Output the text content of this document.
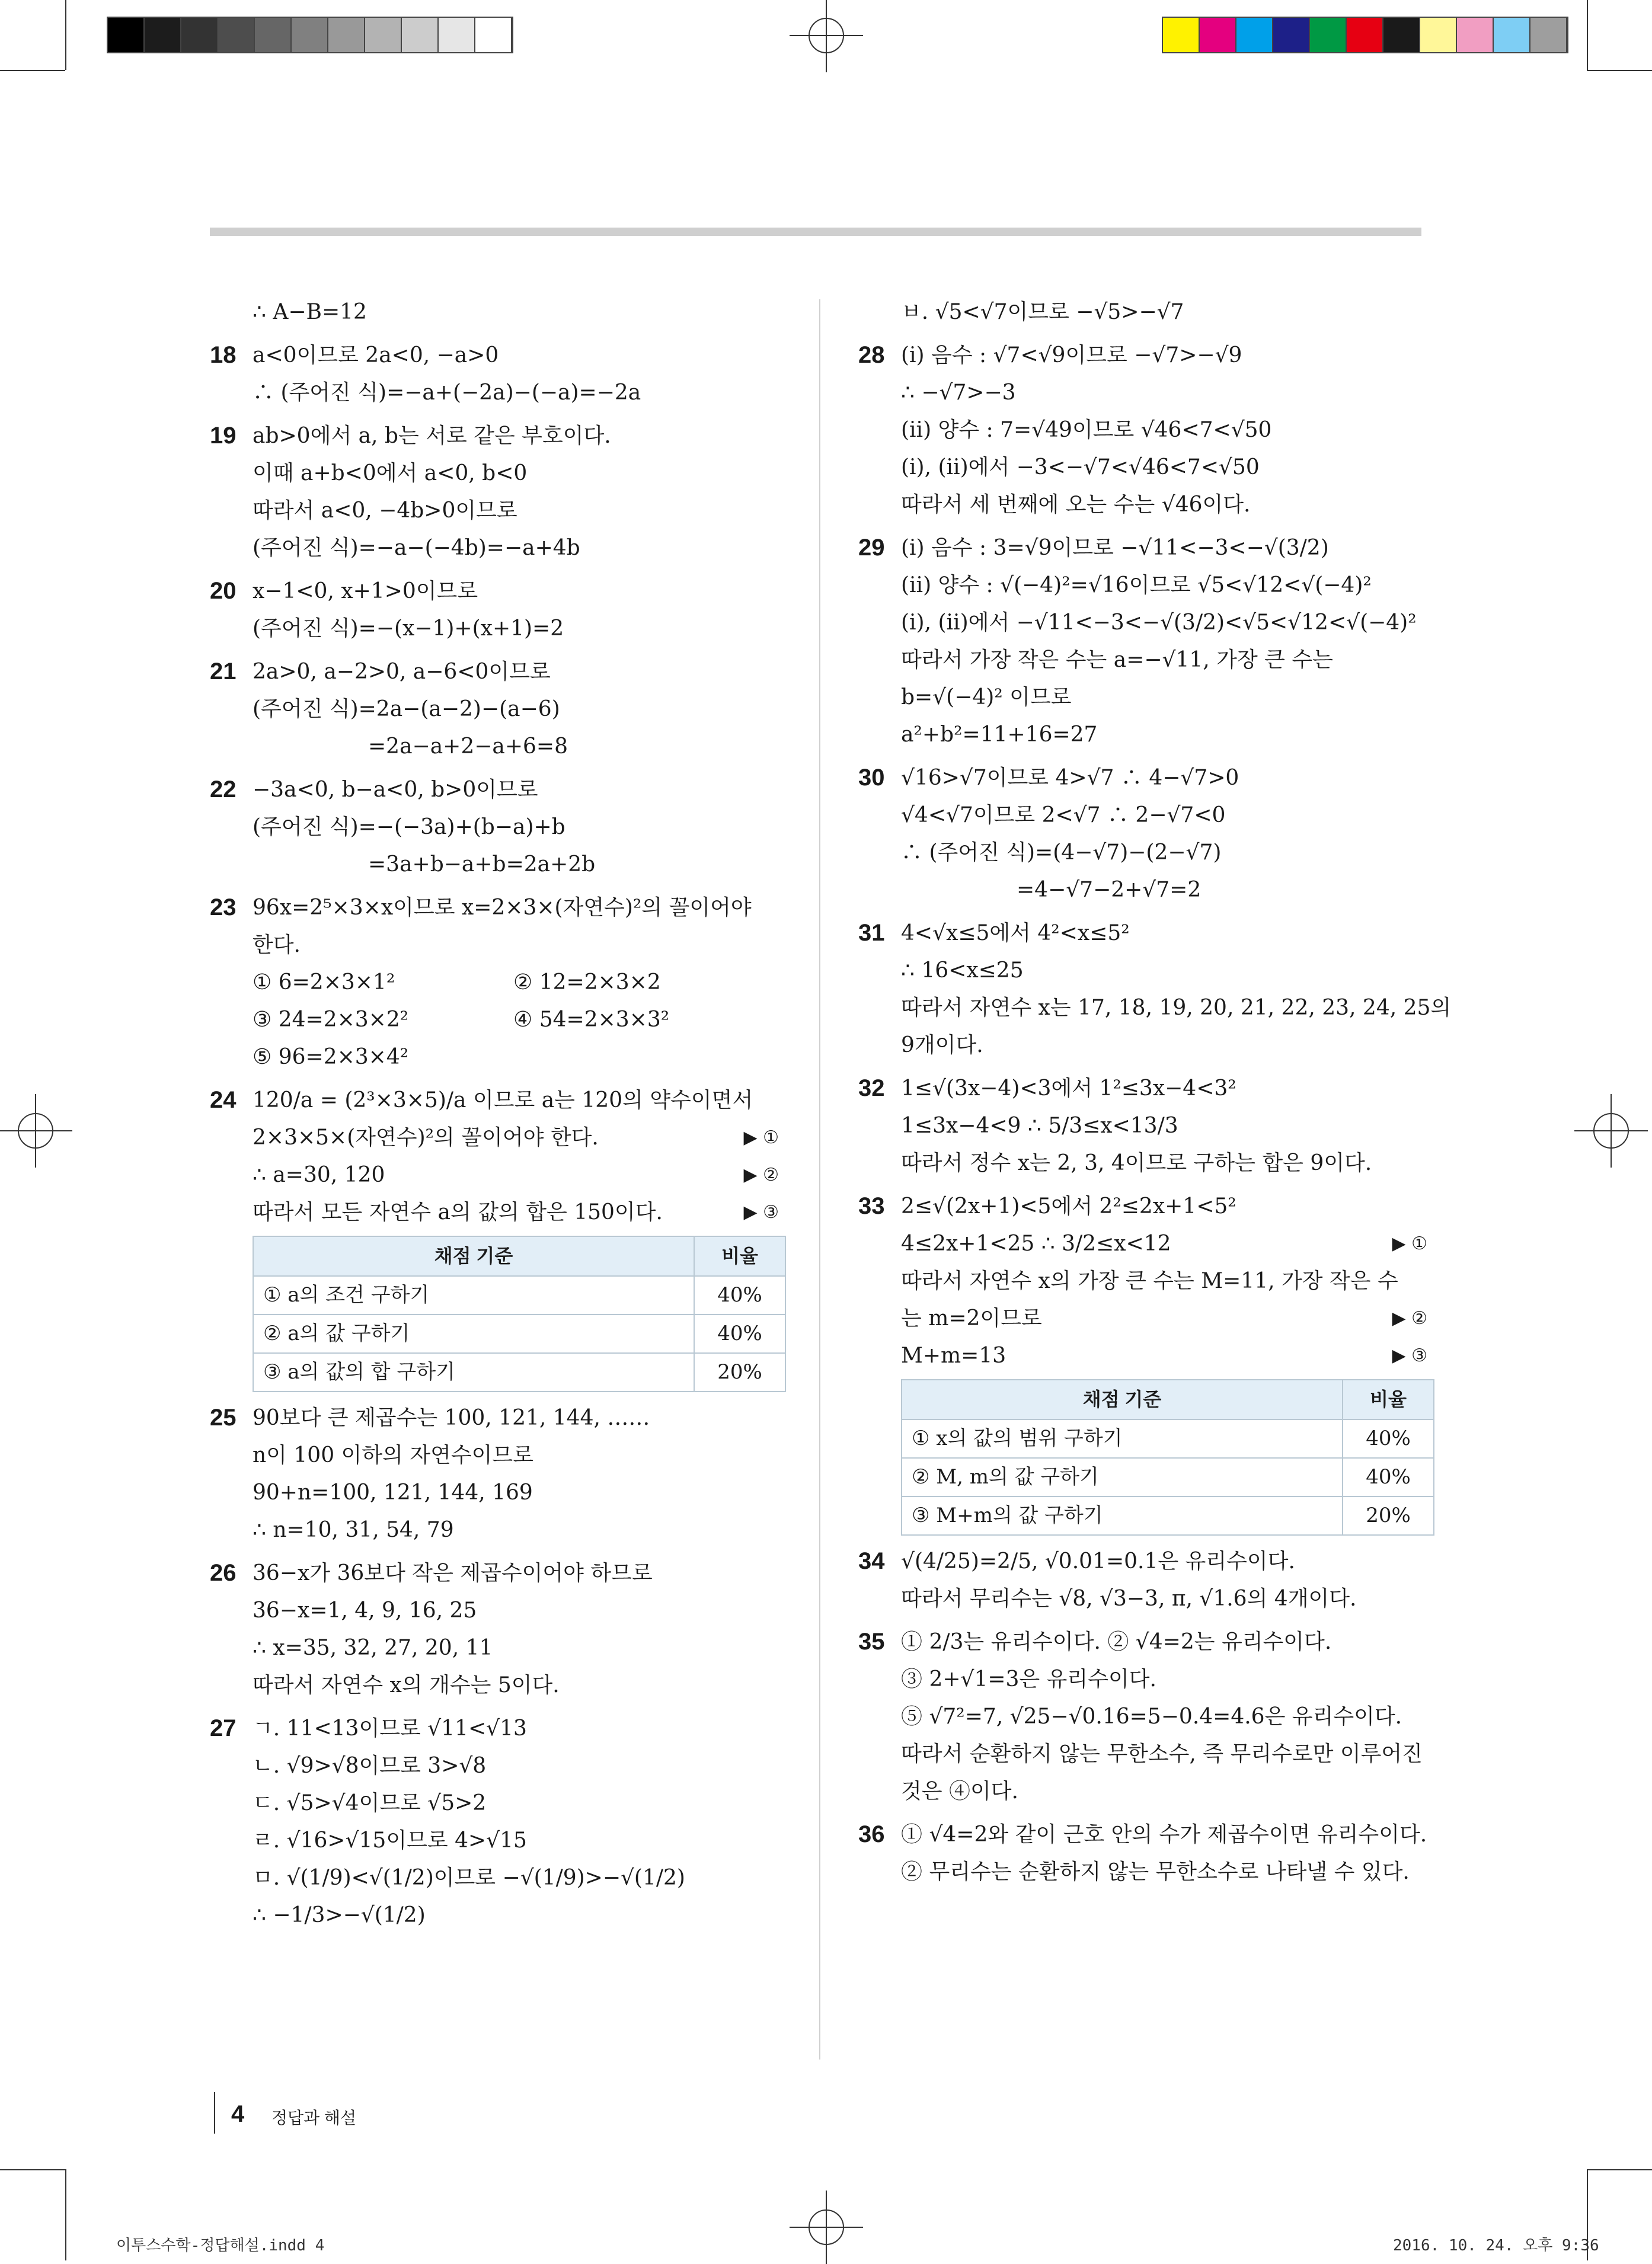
∴ A−B=12
18 a<0이므로 2a<0, −a>0
∴ (주어진 식)=−a+(−2a)−(−a)=−2a
19 ab>0에서 a, b는 서로 같은 부호이다.
이때 a+b<0에서 a<0, b<0
따라서 a<0, −4b>0이므로
(주어진 식)=−a−(−4b)=−a+4b
20 x−1<0, x+1>0이므로
(주어진 식)=−(x−1)+(x+1)=2
21 2a>0, a−2>0, a−6<0이므로
(주어진 식)=2a−(a−2)−(a−6)
=2a−a+2−a+6=8
22 −3a<0, b−a<0, b>0이므로
(주어진 식)=−(−3a)+(b−a)+b
=3a+b−a+b=2a+2b
23 96x=2⁵×3×x이므로 x=2×3×(자연수)²의 꼴이어야
한다.
① 6=2×3×1²	② 12=2×3×2
③ 24=2×3×2²	④ 54=2×3×3²
⑤ 96=2×3×4²
24 120/a = (2³×3×5)/a 이므로 a는 120의 약수이면서
▶ ①
2×3×5×(자연수)²의 꼴이어야 한다.
▶ ②
∴ a=30, 120
▶ ③
따라서 모든 자연수 a의 값의 합은 150이다.
채점 기준	비율
① a의 조건 구하기	40%
② a의 값 구하기	40%
③ a의 값의 합 구하기	20%
25 90보다 큰 제곱수는 100, 121, 144, ……
n이 100 이하의 자연수이므로
90+n=100, 121, 144, 169
∴ n=10, 31, 54, 79
26 36−x가 36보다 작은 제곱수이어야 하므로
36−x=1, 4, 9, 16, 25
∴ x=35, 32, 27, 20, 11
따라서 자연수 x의 개수는 5이다.
27 ㄱ. 11<13이므로 √11<√13
ㄴ. √9>√8이므로 3>√8
ㄷ. √5>√4이므로 √5>2
ㄹ. √16>√15이므로 4>√15
ㅁ. √(1/9)<√(1/2)이므로 −√(1/9)>−√(1/2)
∴ −1/3>−√(1/2)
ㅂ. √5<√7이므로 −√5>−√7
28 (ⅰ) 음수 : √7<√9이므로 −√7>−√9
∴ −√7>−3
(ⅱ) 양수 : 7=√49이므로 √46<7<√50
(ⅰ), (ⅱ)에서 −3<−√7<√46<7<√50
따라서 세 번째에 오는 수는 √46이다.
29 (ⅰ) 음수 : 3=√9이므로 −√11<−3<−√(3/2)
(ⅱ) 양수 : √(−4)²=√16이므로 √5<√12<√(−4)²
(ⅰ), (ⅱ)에서 −√11<−3<−√(3/2)<√5<√12<√(−4)²
따라서 가장 작은 수는 a=−√11, 가장 큰 수는
b=√(−4)² 이므로
a²+b²=11+16=27
30 √16>√7이므로 4>√7 ∴ 4−√7>0
√4<√7이므로 2<√7 ∴ 2−√7<0
∴ (주어진 식)=(4−√7)−(2−√7)
=4−√7−2+√7=2
31 4<√x≤5에서 4²<x≤5²
∴ 16<x≤25
따라서 자연수 x는 17, 18, 19, 20, 21, 22, 23, 24, 25의
9개이다.
32 1≤√(3x−4)<3에서 1²≤3x−4<3²
1≤3x−4<9 ∴ 5/3≤x<13/3
따라서 정수 x는 2, 3, 4이므로 구하는 합은 9이다.
33 2≤√(2x+1)<5에서 2²≤2x+1<5²
▶ ①
4≤2x+1<25 ∴ 3/2≤x<12
따라서 자연수 x의 가장 큰 수는 M=11, 가장 작은 수
▶ ②
는 m=2이므로
▶ ③
M+m=13
채점 기준	비율
① x의 값의 범위 구하기	40%
② M, m의 값 구하기	40%
③ M+m의 값 구하기	20%
34 √(4/25)=2/5, √0.01=0.1은 유리수이다.
따라서 무리수는 √8, √3−3, π, √1.6의 4개이다.
35 ① 2/3는 유리수이다. ② √4=2는 유리수이다.
③ 2+√1=3은 유리수이다.
⑤ √7²=7, √25−√0.16=5−0.4=4.6은 유리수이다.
따라서 순환하지 않는 무한소수, 즉 무리수로만 이루어진
것은 ④이다.
36 ① √4=2와 같이 근호 안의 수가 제곱수이면 유리수이다.
② 무리수는 순환하지 않는 무한소수로 나타낼 수 있다.
4 정답과 해설
이투스수학-정답해설.indd 4	2016. 10. 24. 오후 9:36
